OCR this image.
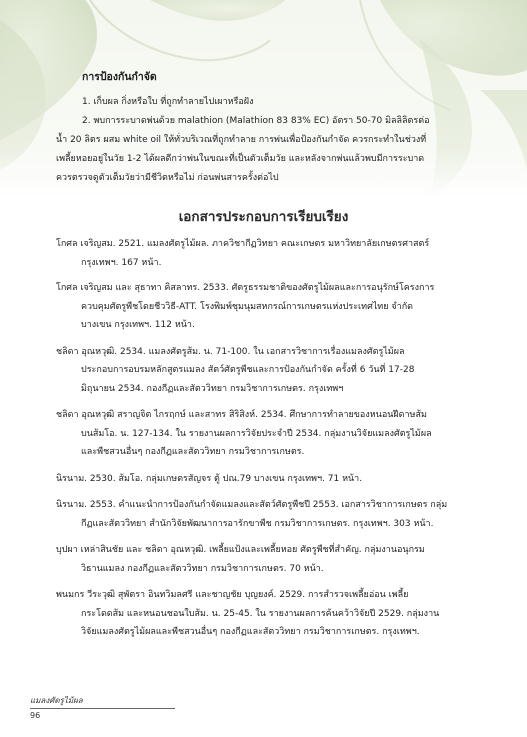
การป้องกันกำจัด
1. เก็บผล กิ่งหรือใบ ที่ถูกทำลายไปเผาหรือฝัง
2. พบการระบาดพ่นด้วย malathion (Malathion 83 83% EC) อัตรา 50-70 มิลลิลิตรต่อ
น้ำ 20 ลิตร ผสม white oil ให้ทั่วบริเวณที่ถูกทำลาย การพ่นเพื่อป้องกันกำจัด ควรกระทำในช่วงที่
เพลี้ยหอยอยู่ในวัย 1-2 ได้ผลดีกว่าพ่นในขณะที่เป็นตัวเต็มวัย และหลังจากพ่นแล้วพบมีการระบาด
ควรตรวจดูตัวเต็มวัยว่ามีชีวิตหรือไม่ ก่อนพ่นสารครั้งต่อไป
เอกสารประกอบการเรียบเรียง
โกศล เจริญสม. 2521. แมลงศัตรูไม้ผล. ภาควิชากีฏวิทยา คณะเกษตร มหาวิทยาลัยเกษตรศาสตร์
กรุงเทพฯ. 167 หน้า.
โกศล เจริญสม และ สุธาทา คิสลาทร. 2533. ศัตรูธรรมชาติของศัตรูไม้ผลและการอนุรักษ์โครงการ
ควบคุมศัตรูพืชโดยชีววิธี-ATT. โรงพิมพ์ชุมนุมสหกรณ์การเกษตรแห่งประเทศไทย จำกัด
บางเขน กรุงเทพฯ. 112 หน้า.
ชลิดา อุณหวุฒิ. 2534. แมลงศัตรูส้ม. น. 71-100. ใน เอกสารวิชาการเรื่องแมลงศัตรูไม้ผล
ประกอบการอบรมหลักสูตรแมลง สัตว์ศัตรูพืชและการป้องกันกำจัด ครั้งที่ 6 วันที่ 17-28
มิถุนายน 2534. กองกีฏและสัตววิทยา กรมวิชาการเกษตร. กรุงเทพฯ
ชลิดา อุณหวุฒิ สราญจิต ไกรฤกษ์ และสาทร สิริสิงห์. 2534. ศึกษาการทำลายของหนอนฝีดาษส้ม
บนส้มโอ. น. 127-134. ใน รายงานผลการวิจัยประจำปี 2534. กลุ่มงานวิจัยแมลงศัตรูไม้ผล
และพืชสวนอื่นๆ กองกีฏและสัตววิทยา กรมวิชาการเกษตร.
นิรนาม. 2530. ส้มโอ. กลุ่มเกษตรสัญจร ตู้ ปณ.79 บางเขน กรุงเทพฯ. 71 หน้า.
นิรนาม. 2553. คำแนะนำการป้องกันกำจัดแมลงและสัตว์ศัตรูพืชปี 2553. เอกสารวิชาการเกษตร กลุ่ม
กีฏและสัตววิทยา สำนักวิจัยพัฒนาการอารักขาพืช กรมวิชาการเกษตร. กรุงเทพฯ. 303 หน้า.
บุปผา เหล่าสินชัย และ ชลิดา อุณหวุฒิ. เพลี้ยแป้งและเพลี้ยหอย ศัตรูพืชที่สำคัญ. กลุ่มงานอนุกรม
วิธานแมลง กองกีฏและสัตววิทยา กรมวิชาการเกษตร. 70 หน้า.
พนมกร วีระวุฒิ สุพัตรา อินทวิมลศรี และชาญชัย บุญยงค์. 2529. การสำรวจเพลี้ยอ่อน เพลี้ย
กระโดดส้ม และหนอนชอนใบส้ม. น. 25-45. ใน รายงานผลการค้นคว้าวิจัยปี 2529. กลุ่มงาน
วิจัยแมลงศัตรูไม้ผลและพืชสวนอื่นๆ กองกีฏและสัตววิทยา กรมวิชาการเกษตร. กรุงเทพฯ.
แมลงศัตรูไม้ผล
96
